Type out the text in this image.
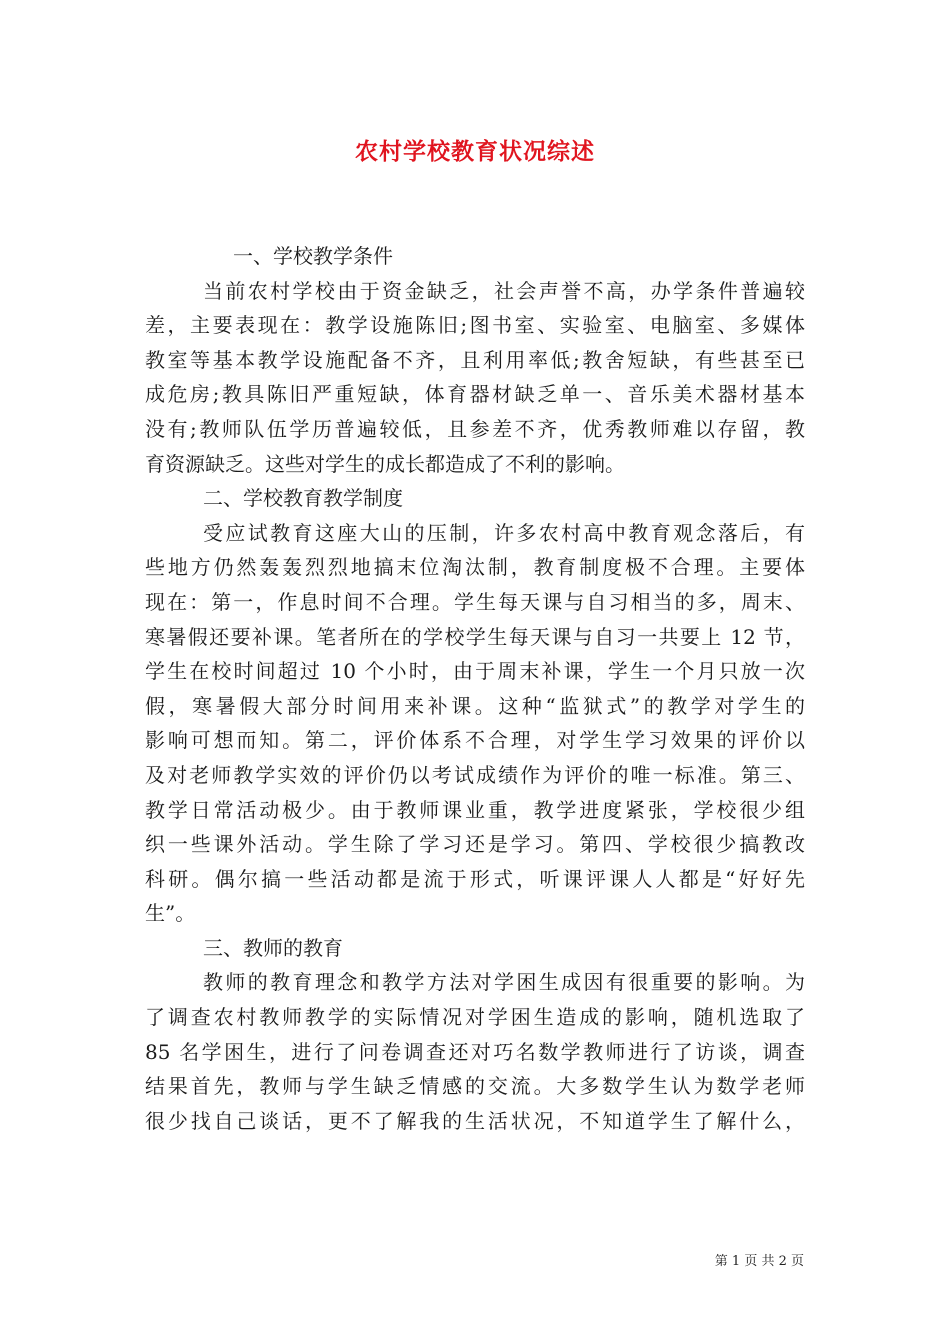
农村学校教育状况综述
一、学校教学条件
当前农村学校由于资金缺乏，社会声誉不高，办学条件普遍较
差，主要表现在：教学设施陈旧;图书室、实验室、电脑室、多媒体
教室等基本教学设施配备不齐，且利用率低;教舍短缺，有些甚至已
成危房;教具陈旧严重短缺，体育器材缺乏单一、音乐美术器材基本
没有;教师队伍学历普遍较低，且参差不齐，优秀教师难以存留，教
育资源缺乏。这些对学生的成长都造成了不利的影响。
二、学校教育教学制度
受应试教育这座大山的压制，许多农村高中教育观念落后，有
些地方仍然轰轰烈烈地搞末位淘汰制，教育制度极不合理。主要体
现在：第一，作息时间不合理。学生每天课与自习相当的多，周末、
寒暑假还要补课。笔者所在的学校学生每天课与自习一共要上 12 节，
学生在校时间超过 10 个小时，由于周末补课，学生一个月只放一次
假，寒暑假大部分时间用来补课。这种“监狱式”的教学对学生的
影响可想而知。第二，评价体系不合理，对学生学习效果的评价以
及对老师教学实效的评价仍以考试成绩作为评价的唯一标准。第三、
教学日常活动极少。由于教师课业重，教学进度紧张，学校很少组
织一些课外活动。学生除了学习还是学习。第四、学校很少搞教改
科研。偶尔搞一些活动都是流于形式，听课评课人人都是“好好先
生”。
三、教师的教育
教师的教育理念和教学方法对学困生成因有很重要的影响。为
了调查农村教师教学的实际情况对学困生造成的影响，随机选取了
85 名学困生，进行了问卷调查还对巧名数学教师进行了访谈，调查
结果首先，教师与学生缺乏情感的交流。大多数学生认为数学老师
很少找自己谈话，更不了解我的生活状况，不知道学生了解什么，
第 1 页 共 2 页
